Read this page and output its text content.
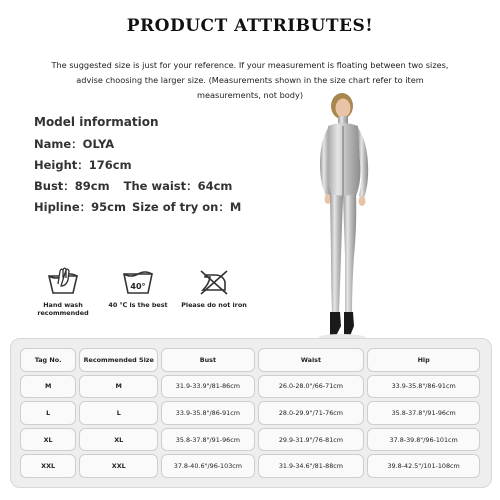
PRODUCT ATTRIBUTES!
The suggested size is just for your reference. If your measurement is floating between two sizes,
advise choosing the larger size. (Measurements shown in the size chart refer to item
measurements, not body)
Model information
Name：OLYA
Height：176cm
Bust：89cm The waist：64cm
Hipline：95cm Size of try on：M
Hand wash
recommended
40°
40 ℃ is the best	Please do not iron
Tag No.	Recommended Size	Bust	Waist	Hip
M	M	31.9-33.9"/81-86cm	26.0-28.0"/66-71cm	33.9-35.8"/86-91cm
L	L	33.9-35.8"/86-91cm	28.0-29.9"/71-76cm	35.8-37.8"/91-96cm
XL	XL	35.8-37.8"/91-96cm	29.9-31.9"/76-81cm	37.8-39.8"/96-101cm
XXL	XXL	37.8-40.6"/96-103cm	31.9-34.6"/81-88cm	39.8-42.5"/101-108cm
